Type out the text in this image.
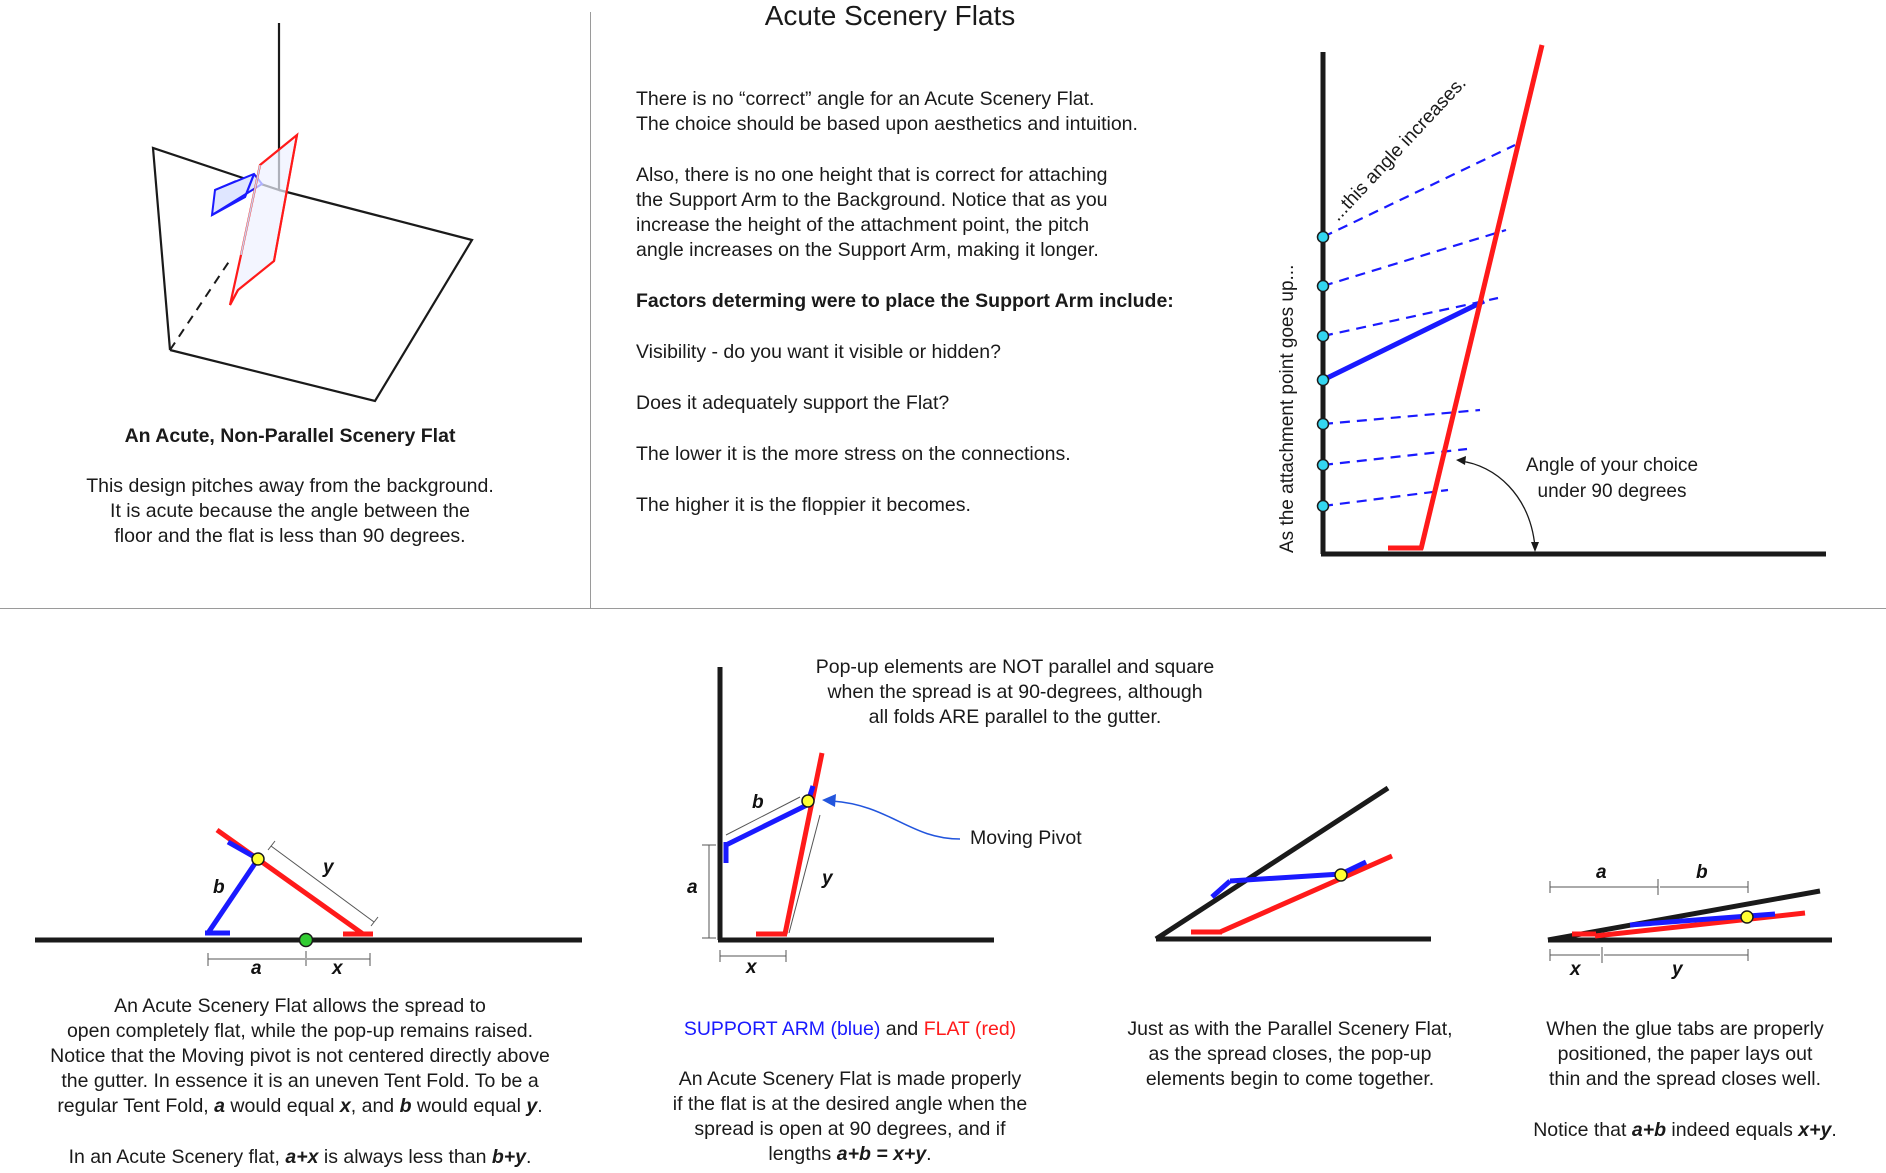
Acute Scenery Flats
An Acute, Non-Parallel Scenery Flat
This design pitches away from the background.
It is acute because the angle between the
floor and the flat is less than 90 degrees.
There is no “correct” angle for an Acute Scenery Flat.
The choice should be based upon aesthetics and intuition.
Also, there is no one height that is correct for attaching
the Support Arm to the Background. Notice that as you
increase the height of the attachment point, the pitch
angle increases on the Support Arm, making it longer.
Factors determing were to place the Support Arm include:
Visibility - do you want it visible or hidden?
Does it adequately support the Flat?
The lower it is the more stress on the connections.
The higher it is the floppier it becomes.	As the attachment point goes up...
...this angle increases.
Angle of your choice
under 90 degrees
b
y
a	x
b
y
a
x
Pop-up elements are NOT parallel and square
when the spread is at 90-degrees, although
all folds ARE parallel to the gutter.
Moving Pivot
a	b
x	y
An Acute Scenery Flat allows the spread to
open completely flat, while the pop-up remains raised.
Notice that the Moving pivot is not centered directly above
the gutter. In essence it is an uneven Tent Fold. To be a
regular Tent Fold, a would equal x, and b would equal y.
In an Acute Scenery flat, a+x is always less than b+y.
SUPPORT ARM (blue) and FLAT (red)
An Acute Scenery Flat is made properly
if the flat is at the desired angle when the
spread is open at 90 degrees, and if
lengths a+b = x+y.
Just as with the Parallel Scenery Flat,
as the spread closes, the pop-up
elements begin to come together.
When the glue tabs are properly
positioned, the paper lays out
thin and the spread closes well.
Notice that a+b indeed equals x+y.
